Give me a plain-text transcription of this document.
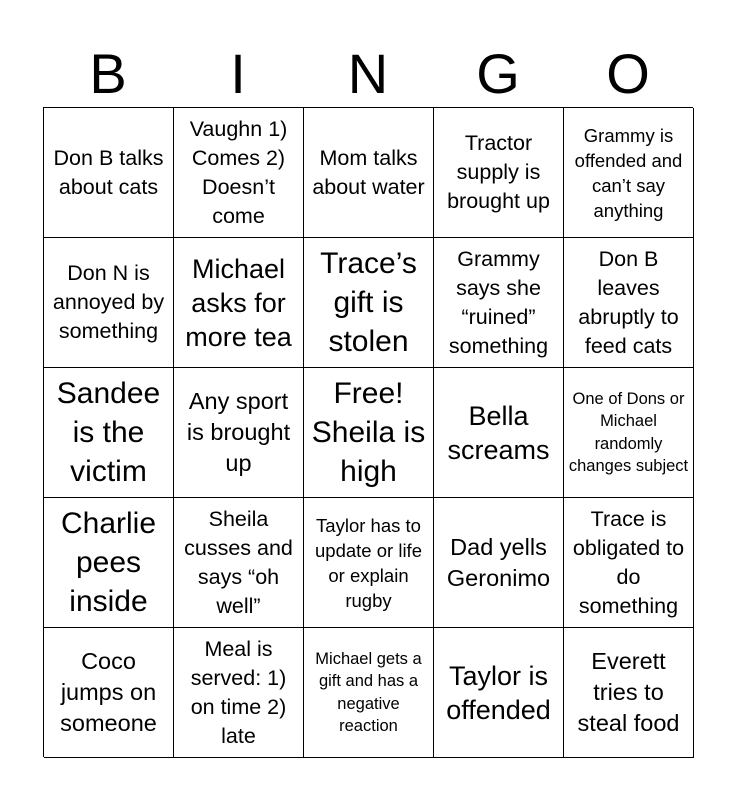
B	I	N	G	O
Don B talks about cats
Vaughn 1) Comes 2) Doesn’t come
Mom talks about water
Tractor supply is brought up
Grammy is offended and can’t say anything
Don N is annoyed by something
Michael asks for more tea
Trace’s gift is stolen
Grammy says she “ruined” something
Don B leaves abruptly to feed cats
Sandee is the victim
Any sport is brought up
Free! Sheila is high
Bella screams
One of Dons or Michael randomly changes subject
Charlie pees inside
Sheila cusses and says “oh well”
Taylor has to update or life or explain rugby
Dad yells Geronimo
Trace is obligated to do something
Coco jumps on someone
Meal is served: 1) on time 2) late
Michael gets a gift and has a negative reaction
Taylor is offended
Everett tries to steal food
